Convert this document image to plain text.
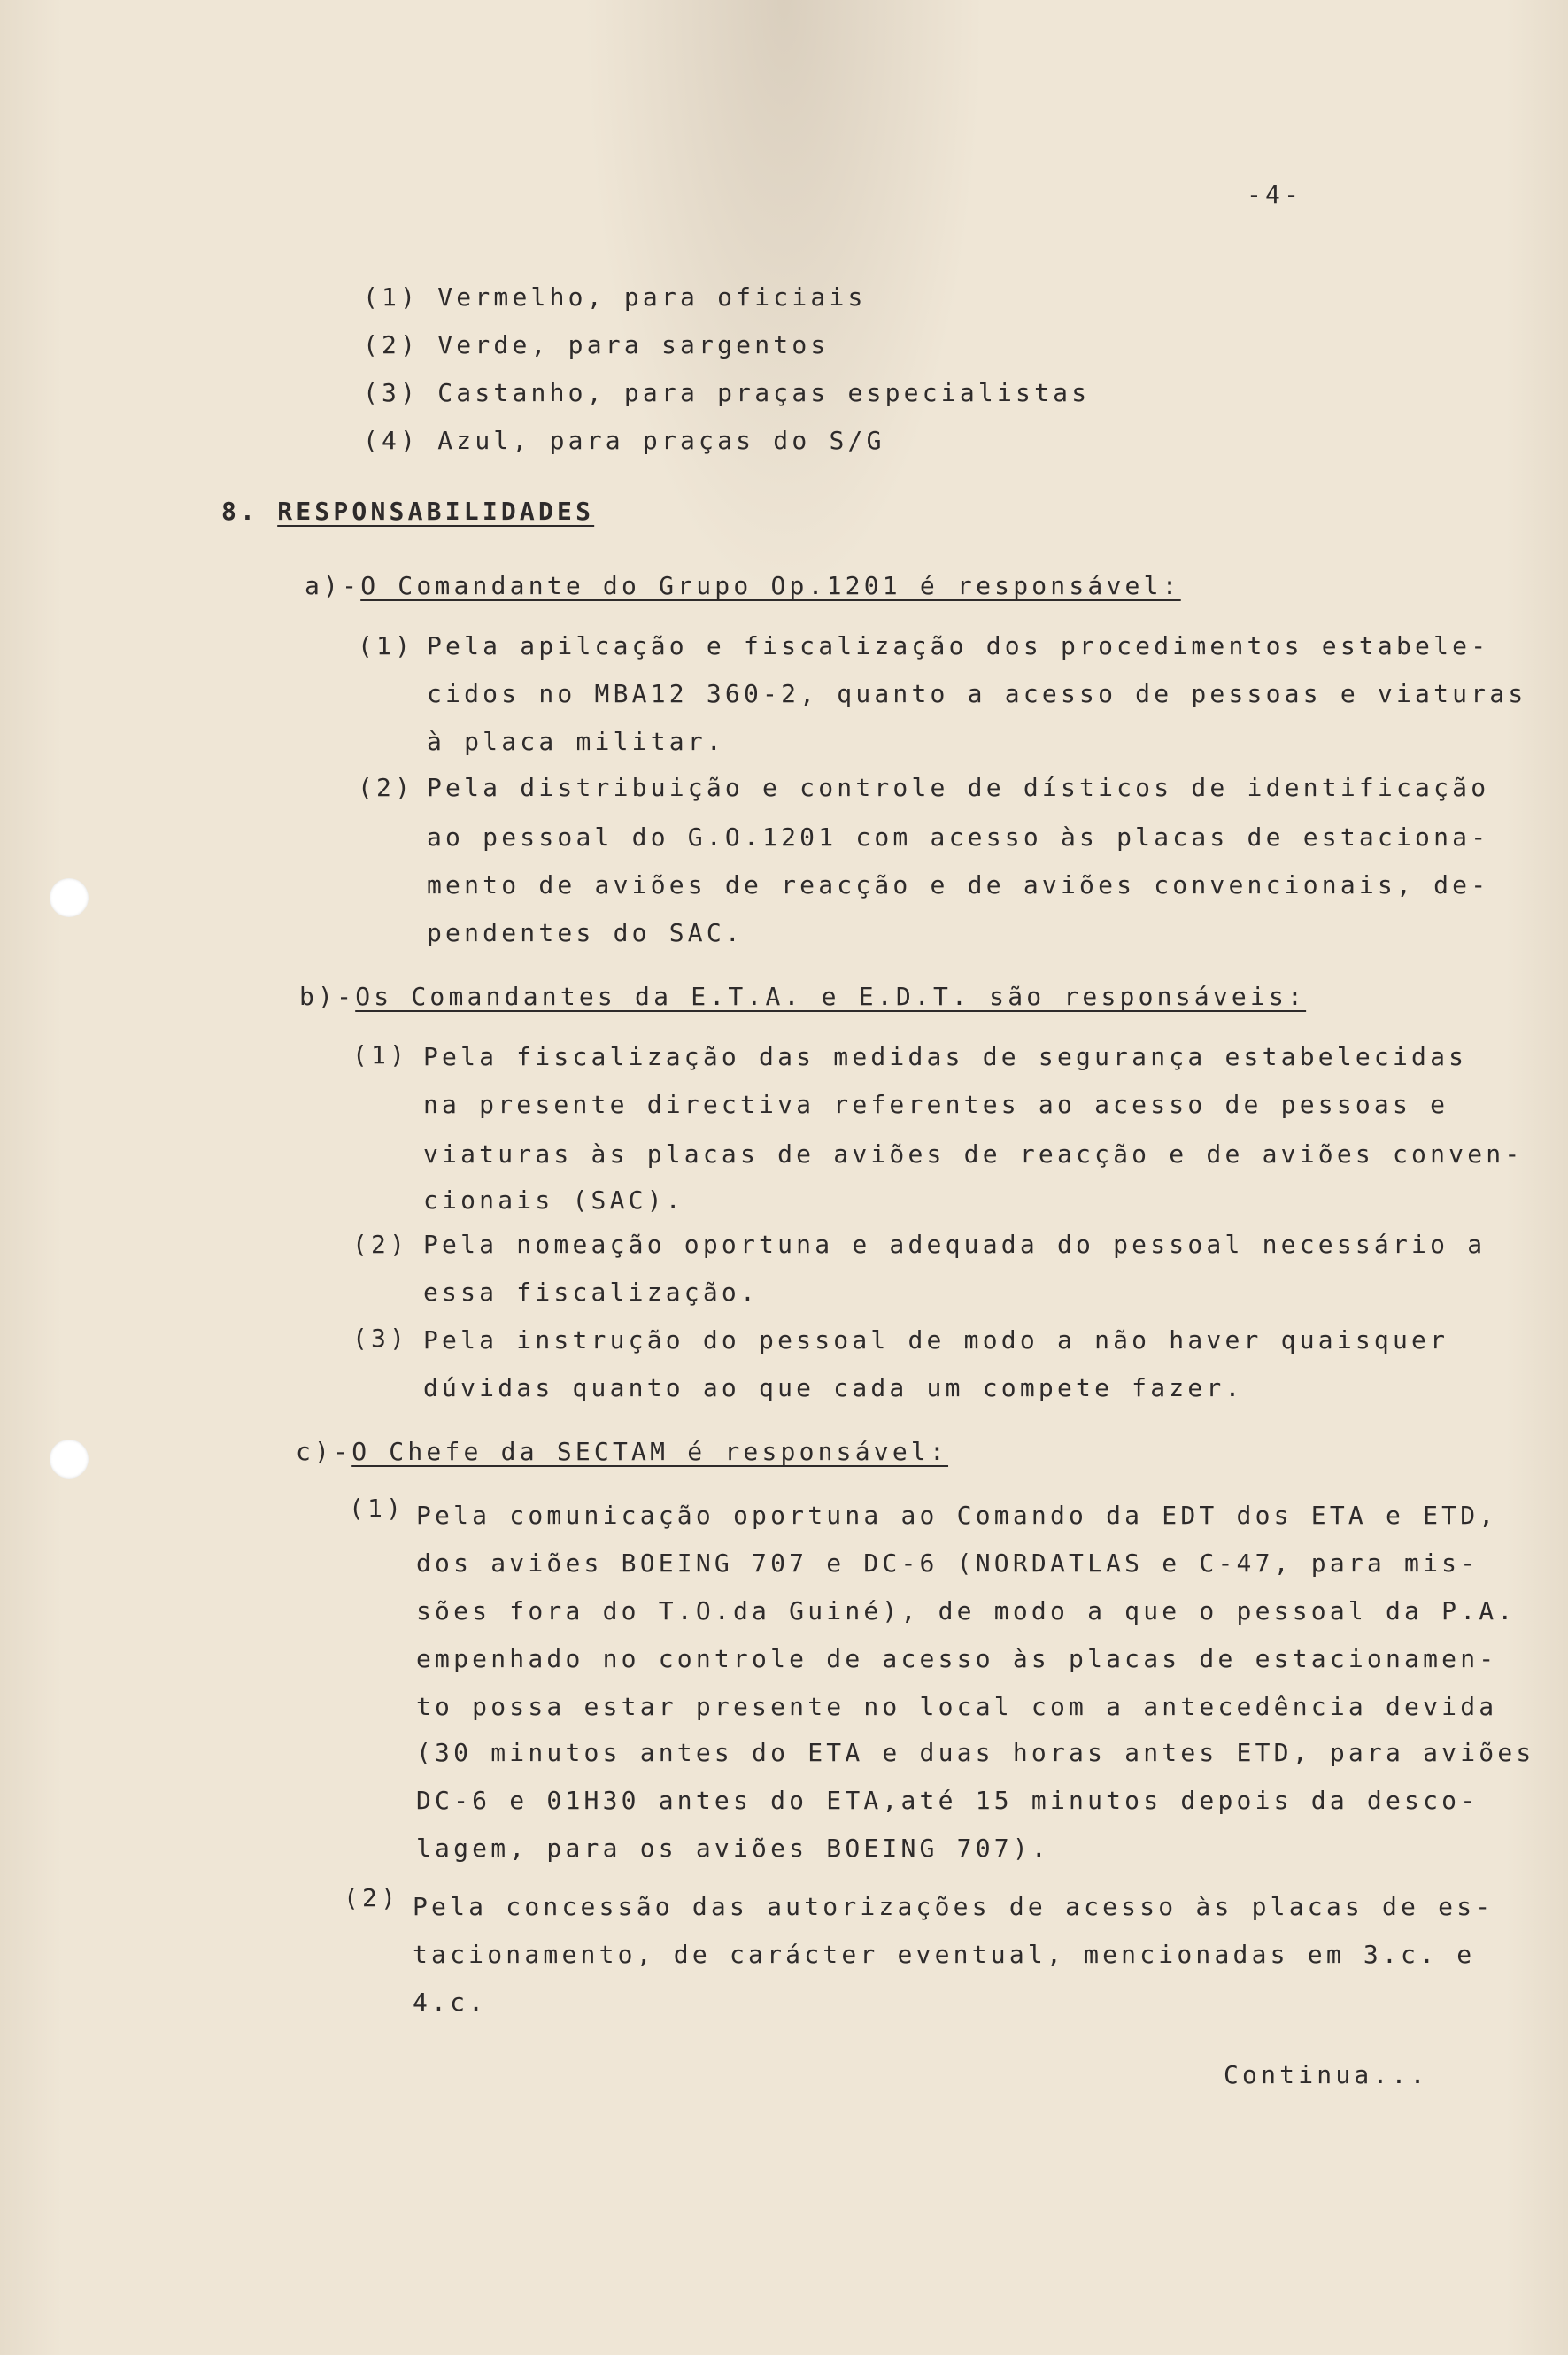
-4-
(1) Vermelho, para oficiais
(2) Verde, para sargentos
(3) Castanho, para praças especialistas
(4) Azul, para praças do S/G
8. RESPONSABILIDADES
a)-O Comandante do Grupo Op.1201 é responsável:
(1) Pela apilcação e fiscalização dos procedimentos estabele-
cidos no MBA12 360-2, quanto a acesso de pessoas e viaturas
à placa militar.
(2) Pela distribuição e controle de dísticos de identificação
ao pessoal do G.O.1201 com acesso às placas de estaciona-
mento de aviões de reacção e de aviões convencionais, de-
pendentes do SAC.
b)-Os Comandantes da E.T.A. e E.D.T. são responsáveis:
(1) Pela fiscalização das medidas de segurança estabelecidas
na presente directiva referentes ao acesso de pessoas e
viaturas às placas de aviões de reacção e de aviões conven-
cionais (SAC).
(2) Pela nomeação oportuna e adequada do pessoal necessário a
essa fiscalização.
(3) Pela instrução do pessoal de modo a não haver quaisquer
dúvidas quanto ao que cada um compete fazer.
c)-O Chefe da SECTAM é responsável:
(1) Pela comunicação oportuna ao Comando da EDT dos ETA e ETD,
dos aviões BOEING 707 e DC-6 (NORDATLAS e C-47, para mis-
sões fora do T.O.da Guiné), de modo a que o pessoal da P.A.
empenhado no controle de acesso às placas de estacionamen-
to possa estar presente no local com a antecedência devida
(30 minutos antes do ETA e duas horas antes ETD, para aviões
DC-6 e 01H30 antes do ETA,até 15 minutos depois da desco-
lagem, para os aviões BOEING 707).
(2) Pela concessão das autorizações de acesso às placas de es-
tacionamento, de carácter eventual, mencionadas em 3.c. e
4.c.
Continua...
